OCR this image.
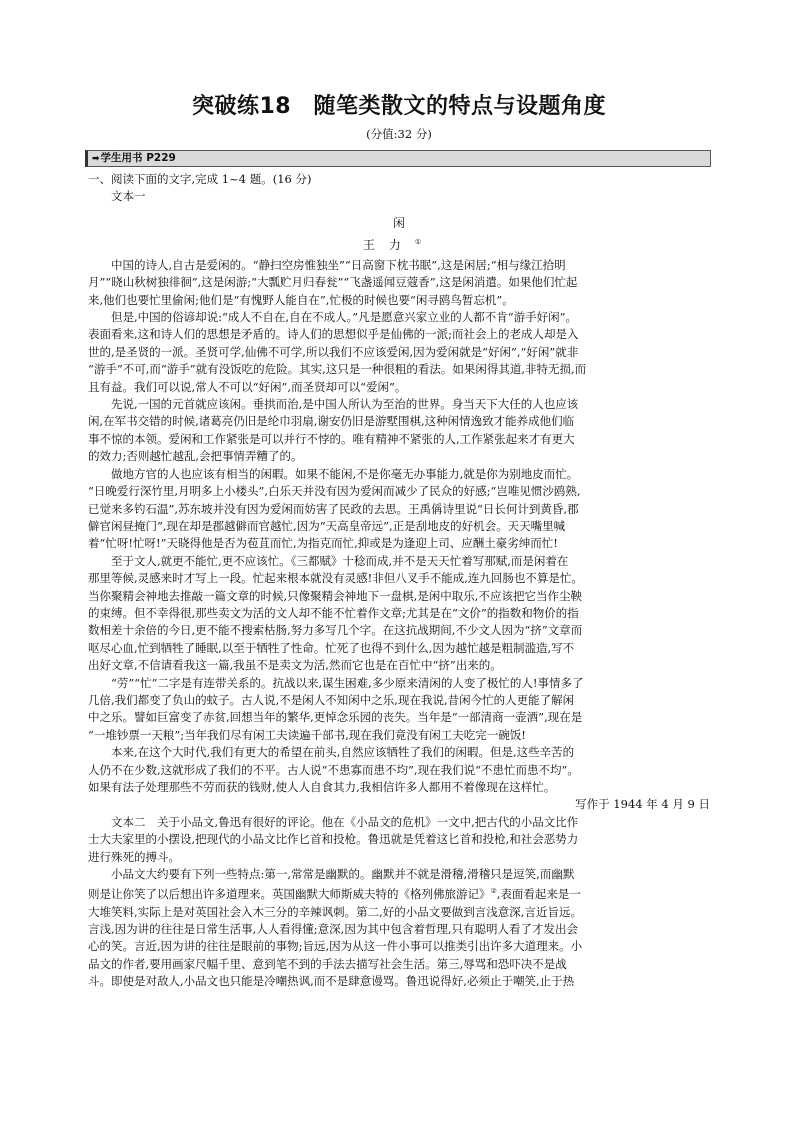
突破练18　随笔类散文的特点与设题角度
(分值:32 分)
➡学生用书 P229
一、阅读下面的文字,完成 1~4 题。(16 分)
文本一
闲
王力①
中国的诗人,自古是爱闲的。“静扫空房惟独坐”“日高窗下枕书眠”,这是闲居;“相与缘江拾明
月”“晓山秋树独徘徊”,这是闲游;“大瓢贮月归春瓮”“飞盏遥闻豆蔻香”,这是闲消遣。如果他们忙起
来,他们也要忙里偷闲;他们是“有愧野人能自在”,忙极的时候也要“闲寻鸥鸟暂忘机”。
但是,中国的俗谚却说:“成人不自在,自在不成人。”凡是愿意兴家立业的人都不肯“游手好闲”。
表面看来,这和诗人们的思想是矛盾的。诗人们的思想似乎是仙佛的一派;而社会上的老成人却是入
世的,是圣贤的一派。圣贤可学,仙佛不可学,所以我们不应该爱闲,因为爱闲就是“好闲”,“好闲”就非
“游手”不可,而“游手”就有没饭吃的危险。其实,这只是一种很粗的看法。如果闲得其道,非特无损,而
且有益。我们可以说,常人不可以“好闲”,而圣贤却可以“爱闲”。
先说,一国的元首就应该闲。垂拱而治,是中国人所认为至治的世界。身当天下大任的人也应该
闲,在军书交错的时候,诸葛亮仍旧是纶巾羽扇,谢安仍旧是游墅围棋,这种闲情逸致才能养成他们临
事不惊的本领。爱闲和工作紧张是可以并行不悖的。唯有精神不紧张的人,工作紧张起来才有更大
的效力;否则越忙越乱,会把事情弄糟了的。
做地方官的人也应该有相当的闲暇。如果不能闲,不是你毫无办事能力,就是你为别地皮而忙。
“日晚爱行深竹里,月明多上小楼头”,白乐天并没有因为爱闲而减少了民众的好感;“岂唯见惯沙鸥熟,
已觉来多钓石温”,苏东坡并没有因为爱闲而妨害了民政的去思。王禹偁诗里说“日长何计到黄昏,郡
僻官闲昼掩门”,现在却是郡越僻而官越忙,因为“天高皇帝远”,正是刮地皮的好机会。天天嘴里喊
着“忙呀!忙呀!”天晓得他是否为苞苴而忙,为指克而忙,抑或是为逢迎上司、应酬土豪劣绅而忙!
至于文人,就更不能忙,更不应该忙。《三都赋》十稔而成,并不是天天忙着写那赋,而是闲着在
那里等候,灵感来时才写上一段。忙起来根本就没有灵感!非但八叉手不能成,连九回肠也不算是忙。
当你聚精会神地去推敲一篇文章的时候,只像聚精会神地下一盘棋,是闲中取乐,不应该把它当作尘鞅
的束缚。但不幸得很,那些卖文为活的文人却不能不忙着作文章;尤其是在“文价”的指数和物价的指
数相差十余倍的今日,更不能不搜索枯肠,努力多写几个字。在这抗战期间,不少文人因为“挤”文章而
呕尽心血,忙到牺牲了睡眠,以至于牺牲了性命。忙死了也得不到什么,因为越忙越是粗制滥造,写不
出好文章,不信请看我这一篇,我虽不是卖文为活,然而它也是在百忙中“挤”出来的。
“劳”“忙”二字是有连带关系的。抗战以来,谋生困难,多少原来清闲的人变了极忙的人!事情多了
几倍,我们都变了负山的蚊子。古人说,不是闲人不知闲中之乐,现在我说,昔闲今忙的人更能了解闲
中之乐。譬如巨富变了赤贫,回想当年的繁华,更悼念乐园的丧失。当年是“一部清商一壶酒”,现在是
“一堆钞票一天粮”;当年我们尽有闲工夫读遍千部书,现在我们竟没有闲工夫吃完一碗饭!
本来,在这个大时代,我们有更大的希望在前头,自然应该牺牲了我们的闲暇。但是,这些辛苦的
人仍不在少数,这就形成了我们的不平。古人说“不患寡而患不均”,现在我们说“不患忙而患不均”。
如果有法子处理那些不劳而获的钱财,使人人自食其力,我相信许多人都用不着像现在这样忙。
写作于 1944 年 4 月 9 日
文本二　 关于小品文,鲁迅有很好的评论。他在《小品文的危机》一文中,把古代的小品文比作
士大夫家里的小摆设,把现代的小品文比作匕首和投枪。鲁迅就是凭着这匕首和投枪,和社会恶势力
进行殊死的搏斗。
小品文大约要有下列一些特点:第一,常常是幽默的。幽默并不就是滑稽,滑稽只是逗笑,而幽默
则是让你笑了以后想出许多道理来。英国幽默大师斯威夫特的《格列佛旅游记》②,表面看起来是一
大堆笑料,实际上是对英国社会入木三分的辛辣讽刺。第二,好的小品文要做到言浅意深,言近旨远。
言浅,因为讲的往往是日常生活事,人人看得懂;意深,因为其中包含着哲理,只有聪明人看了才发出会
心的笑。言近,因为讲的往往是眼前的事物;旨远,因为从这一件小事可以推类引出许多大道理来。小
品文的作者,要用画家尺幅千里、意到笔不到的手法去描写社会生活。第三,辱骂和恐吓决不是战
斗。即使是对敌人,小品文也只能是冷嘲热讽,而不是肆意谩骂。鲁迅说得好,必须止于嘲笑,止于热
